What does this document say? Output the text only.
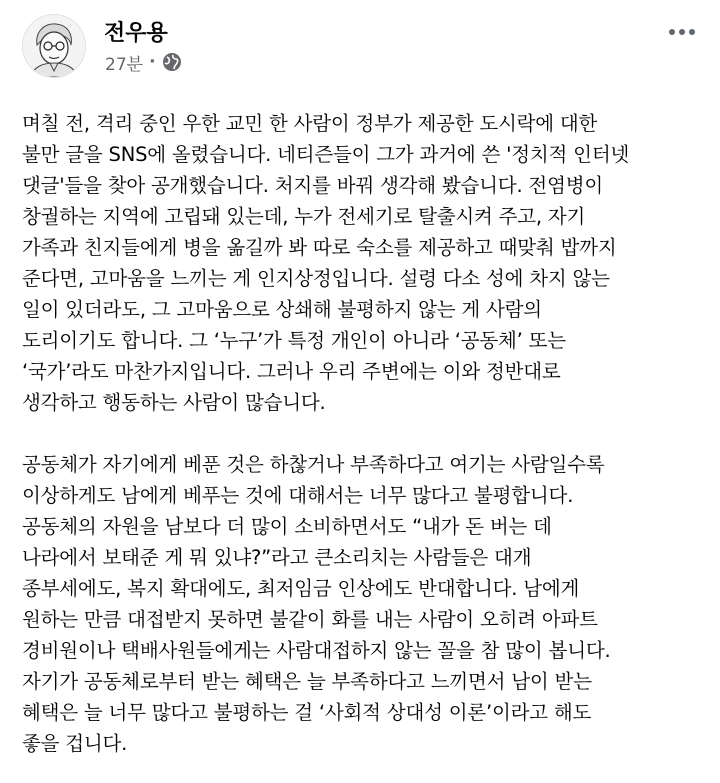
전우용
27분 ·

며칠 전, 격리 중인 우한 교민 한 사람이 정부가 제공한 도시락에 대한
불만 글을 SNS에 올렸습니다. 네티즌들이 그가 과거에 쓴 '정치적 인터넷
댓글'들을 찾아 공개했습니다. 처지를 바꿔 생각해 봤습니다. 전염병이
창궐하는 지역에 고립돼 있는데, 누가 전세기로 탈출시켜 주고, 자기
가족과 친지들에게 병을 옮길까 봐 따로 숙소를 제공하고 때맞춰 밥까지
준다면, 고마움을 느끼는 게 인지상정입니다. 설령 다소 성에 차지 않는
일이 있더라도, 그 고마움으로 상쇄해 불평하지 않는 게 사람의
도리이기도 합니다. 그 ‘누구’가 특정 개인이 아니라 ‘공동체’ 또는
‘국가’라도 마찬가지입니다. 그러나 우리 주변에는 이와 정반대로
생각하고 행동하는 사람이 많습니다.

공동체가 자기에게 베푼 것은 하찮거나 부족하다고 여기는 사람일수록
이상하게도 남에게 베푸는 것에 대해서는 너무 많다고 불평합니다.
공동체의 자원을 남보다 더 많이 소비하면서도 “내가 돈 버는 데
나라에서 보태준 게 뭐 있냐?”라고 큰소리치는 사람들은 대개
종부세에도, 복지 확대에도, 최저임금 인상에도 반대합니다. 남에게
원하는 만큼 대접받지 못하면 불같이 화를 내는 사람이 오히려 아파트
경비원이나 택배사원들에게는 사람대접하지 않는 꼴을 참 많이 봅니다.
자기가 공동체로부터 받는 혜택은 늘 부족하다고 느끼면서 남이 받는
혜택은 늘 너무 많다고 불평하는 걸 ‘사회적 상대성 이론’이라고 해도
좋을 겁니다.
